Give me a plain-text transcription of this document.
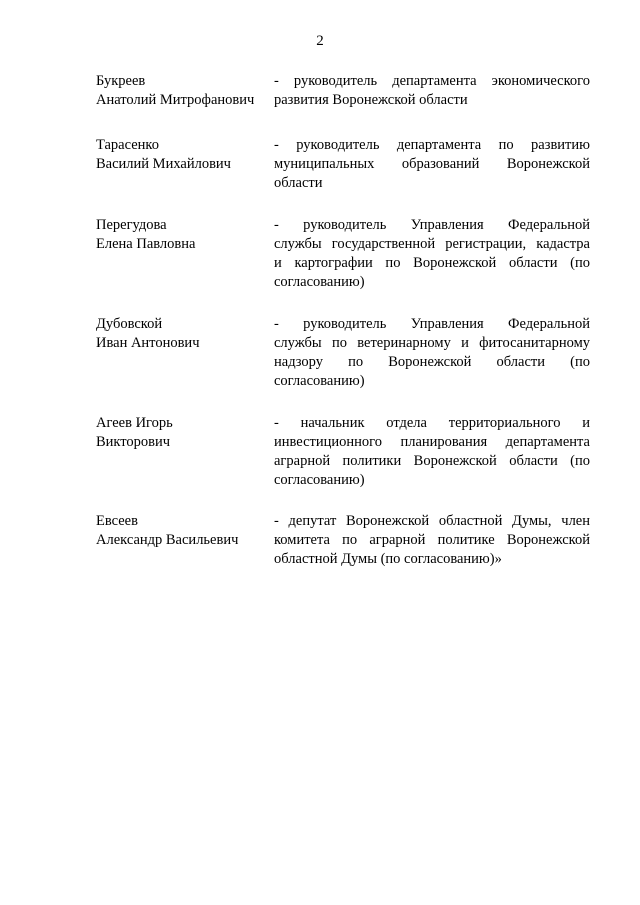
2
Букреев
Анатолий Митрофанович
- руководитель департамента экономического
развития Воронежской области
Тарасенко
Василий Михайлович
- руководитель департамента по развитию
муниципальных образований Воронежской
области
Перегудова
Елена Павловна
- руководитель Управления Федеральной
службы государственной регистрации, кадастра
и картографии по Воронежской области (по
согласованию)
Дубовской
Иван Антонович
- руководитель Управления Федеральной
службы по ветеринарному и фитосанитарному
надзору по Воронежской области (по
согласованию)
Агеев Игорь
Викторович
- начальник отдела территориального и
инвестиционного планирования департамента
аграрной политики Воронежской области (по
согласованию)
Евсеев
Александр Васильевич
- депутат Воронежской областной Думы, член
комитета по аграрной политике Воронежской
областной Думы (по согласованию)»
